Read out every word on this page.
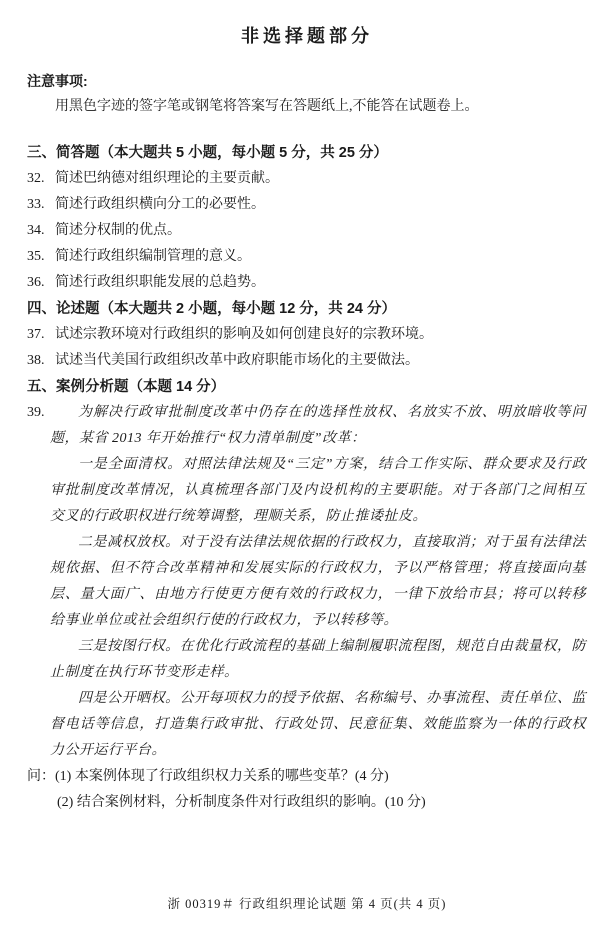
非选择题部分
注意事项:
用黑色字迹的签字笔或钢笔将答案写在答题纸上,不能答在试题卷上。
三、简答题（本大题共 5 小题，每小题 5 分，共 25 分）
32. 简述巴纳德对组织理论的主要贡献。
33. 简述行政组织横向分工的必要性。
34. 简述分权制的优点。
35. 简述行政组织编制管理的意义。
36. 简述行政组织职能发展的总趋势。
四、论述题（本大题共 2 小题，每小题 12 分，共 24 分）
37. 试述宗教环境对行政组织的影响及如何创建良好的宗教环境。
38. 试述当代美国行政组织改革中政府职能市场化的主要做法。
五、案例分析题（本题 14 分）
39.	为解决行政审批制度改革中仍存在的选择性放权、名放实不放、明放暗收等问题，某省 2013 年开始推行“权力清单制度”改革：

一是全面清权。对照法律法规及“三定”方案，结合工作实际、群众要求及行政审批制度改革情况，认真梳理各部门及内设机构的主要职能。对于各部门之间相互交叉的行政职权进行统筹调整，理顺关系，防止推诿扯皮。

二是减权放权。对于没有法律法规依据的行政权力，直接取消；对于虽有法律法规依据、但不符合改革精神和发展实际的行政权力，予以严格管理；将直接面向基层、量大面广、由地方行使更方便有效的行政权力，一律下放给市县；将可以转移给事业单位或社会组织行使的行政权力，予以转移等。

三是按图行权。在优化行政流程的基础上编制履职流程图，规范自由裁量权，防止制度在执行环节变形走样。

四是公开晒权。公开每项权力的授予依据、名称编号、办事流程、责任单位、监督电话等信息，打造集行政审批、行政处罚、民意征集、效能监察为一体的行政权力公开运行平台。

问：(1) 本案例体现了行政组织权力关系的哪些变革？(4 分)
(2) 结合案例材料，分析制度条件对行政组织的影响。(10 分)
浙 00319＃ 行政组织理论试题 第 4 页(共 4 页)
